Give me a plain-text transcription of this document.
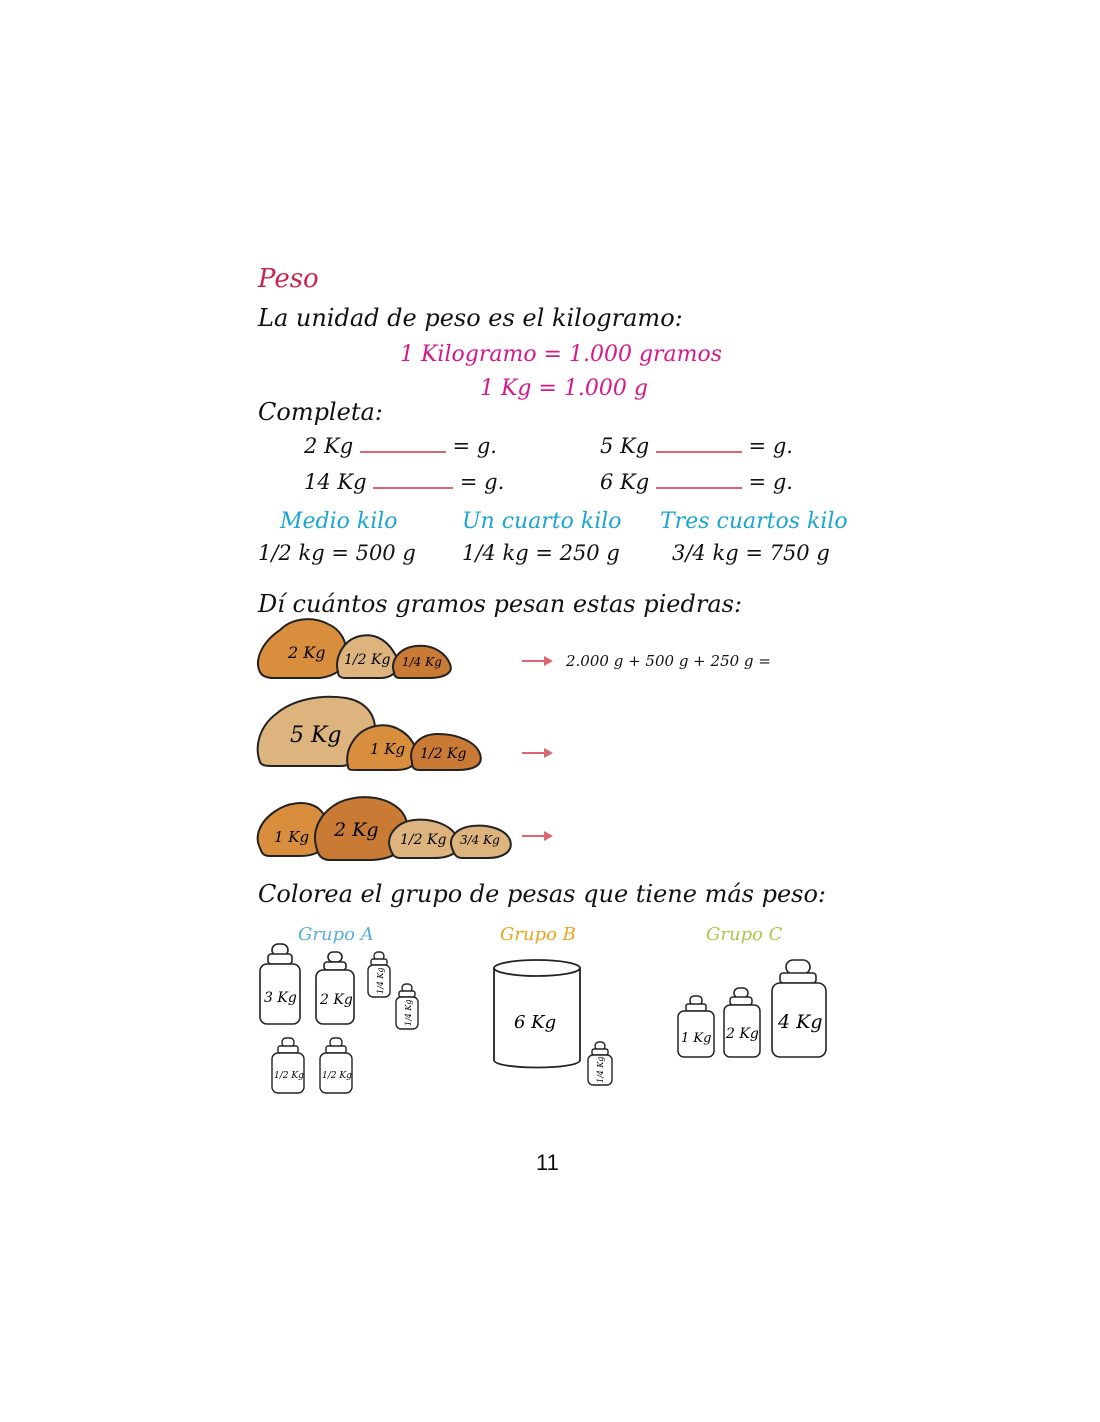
Peso
La unidad de peso es el kilogramo:
1 Kilogramo = 1.000 gramos
1 Kg = 1.000 g
Completa:
2 Kg	= g.	5 Kg	= g.
14 Kg	= g.	6 Kg	= g.
Medio kilo	Un cuarto kilo Tres cuartos kilo
1/2 kg = 500 g 1/4 kg = 250 g 3/4 kg = 750 g
Dí cuántos gramos pesan estas piedras:
2 Kg 1/2 Kg 1/4 Kg	2.000 g + 500 g + 250 g =
5 Kg
1 Kg 1/2 Kg
1 Kg 2 Kg 1/2 Kg 3/4 Kg
Colorea el grupo de pesas que tiene más peso:
Grupo A	Grupo B	Grupo C
3 Kg 2 Kg
1/4 Kg
1/4 Kg
1/2 Kg 1/2 Kg
6 Kg
1/4 Kg
1 Kg 2 Kg
4 Kg
11
